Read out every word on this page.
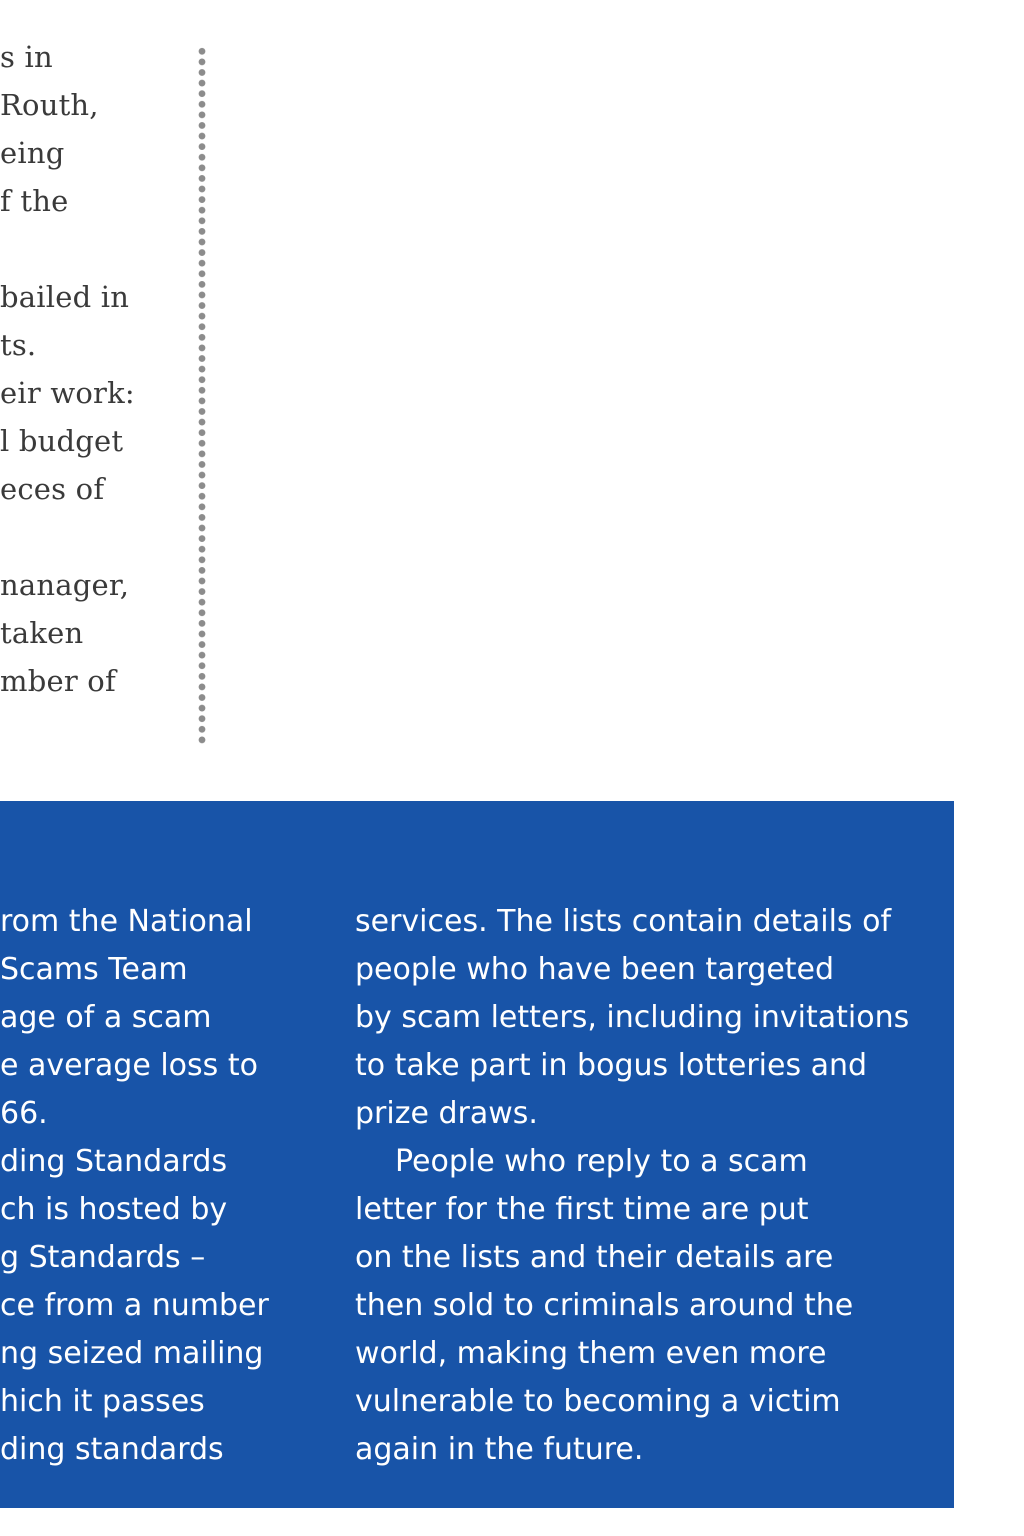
s in
Routh,
eing
f the
bailed in
ts.
eir work:
l budget
eces of
nanager,
taken
mber of
rom the National
Scams Team
age of a scam
e average loss to
66.
ding Standards
ch is hosted by
g Standards –
ce from a number
ng seized mailing
hich it passes
ding standards
services. The lists contain details of
people who have been targeted
by scam letters, including invitations
to take part in bogus lotteries and
prize draws.
People who reply to a scam
letter for the first time are put
on the lists and their details are
then sold to criminals around the
world, making them even more
vulnerable to becoming a victim
again in the future.
